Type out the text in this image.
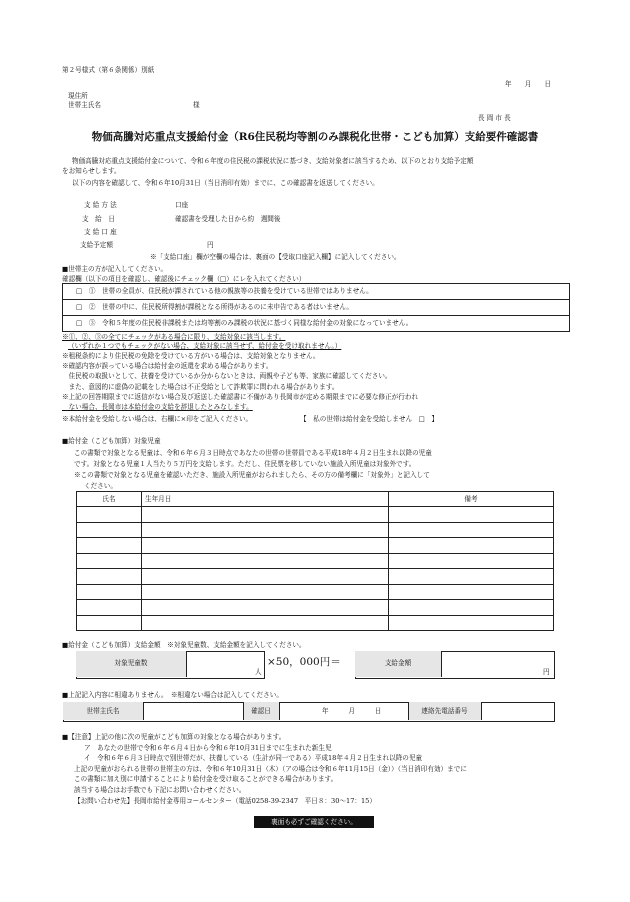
第２号様式（第６条関係）別紙
年　　月　　日
現住所
世帯主氏名	様
長 岡 市 長
物価高騰対応重点支援給付金（R6住民税均等割のみ課税化世帯・こども加算）支給要件確認書
物価高騰対応重点支援給付金について、令和６年度の住民税の課税状況に基づき、支給対象者に該当するため、以下のとおり支給予定額
をお知らせします。
以下の内容を確認して、令和６年10月31日（当日消印有効）までに、この確認書を返送してください。
支 給 方 法	口座
支　給　日	確認書を受理した日から約　週間後
支 給 口 座
支給予定額	円
※「支給口座」欄が空欄の場合は、裏面の【受取口座記入欄】に記入してください。
■世帯主の方が記入してください。
確認欄（以下の項目を確認し、確認後にチェック欄（□）にレを入れてください）
□　①　世帯の全員が、住民税が課されている他の親族等の扶養を受けている世帯ではありません。
□　②　世帯の中に、住民税所得割が課税となる所得があるのに未申告である者はいません。
□　③　令和５年度の住民税非課税または均等割のみ課税の状況に基づく同様な給付金の対象になっていません。
※①、②、③の全てにチェックがある場合に限り、支給対象に該当します。
（いずれか１つでもチェックがない場合、支給対象に該当せず、給付金を受け取れません。）
※租税条約により住民税の免除を受けている方がいる場合は、支給対象となりません。
※確認内容が誤っている場合は給付金の返還を求める場合があります。
　住民税の取扱いとして、扶養を受けているか分からないときは、両親や子ども等、家族に確認してください。
　また、意図的に虚偽の記載をした場合は不正受給として詐欺罪に問われる場合があります。
※上記の回答期限までに返信がない場合及び返送した確認書に不備があり長岡市が定める期限までに必要な修正が行われ
　ない場合、長岡市は本給付金の支給を辞退したとみなします。
※本給付金を受給しない場合は、右欄に×印をご記入ください。	【　私の世帯は給付金を受給しません　□　】
■給付金（こども加算）対象児童
この書類で対象となる児童は、令和６年６月３日時点であなたの世帯の世帯員である平成18年４月２日生まれ以降の児童
です。対象となる児童１人当たり５万円を支給します。ただし、住民票を移していない施設入所児童は対象外です。
※この書類で対象となる児童を確認いただき、施設入所児童がおられましたら、その方の備考欄に「対象外」と記入して
ください。
氏名	生年月日	備考

■給付金（こども加算）支給金額　※対象児童数、支給金額を記入してください。
対象児童数
人
×50，000円＝	支給金額
円
■上記記入内容に相違ありません。　※相違ない場合は記入してください。
世帯主氏名	確認日	年　　　月　　　日	連絡先電話番号
■【注意】上記の他に次の児童がこども加算の対象となる場合があります。
ア　あなたの世帯で令和６年６月４日から令和６年10月31日までに生まれた新生児
イ　令和６年６月３日時点で別世帯だが、扶養している（生計が同一である）平成18年４月２日生まれ以降の児童
上記の児童がおられる世帯の世帯主の方は、令和６年10月31日（木）（アの場合は令和６年11月15日（金））（当日消印有効）までに
この書類に加え別に申請することにより給付金を受け取ることができる場合があります。
該当する場合はお手数でも下記にお問い合わせください。
【お問い合わせ先】長岡市給付金専用コールセンター（電話0258-39-2347　平日８：30～17：15）
裏面も必ずご確認ください。
